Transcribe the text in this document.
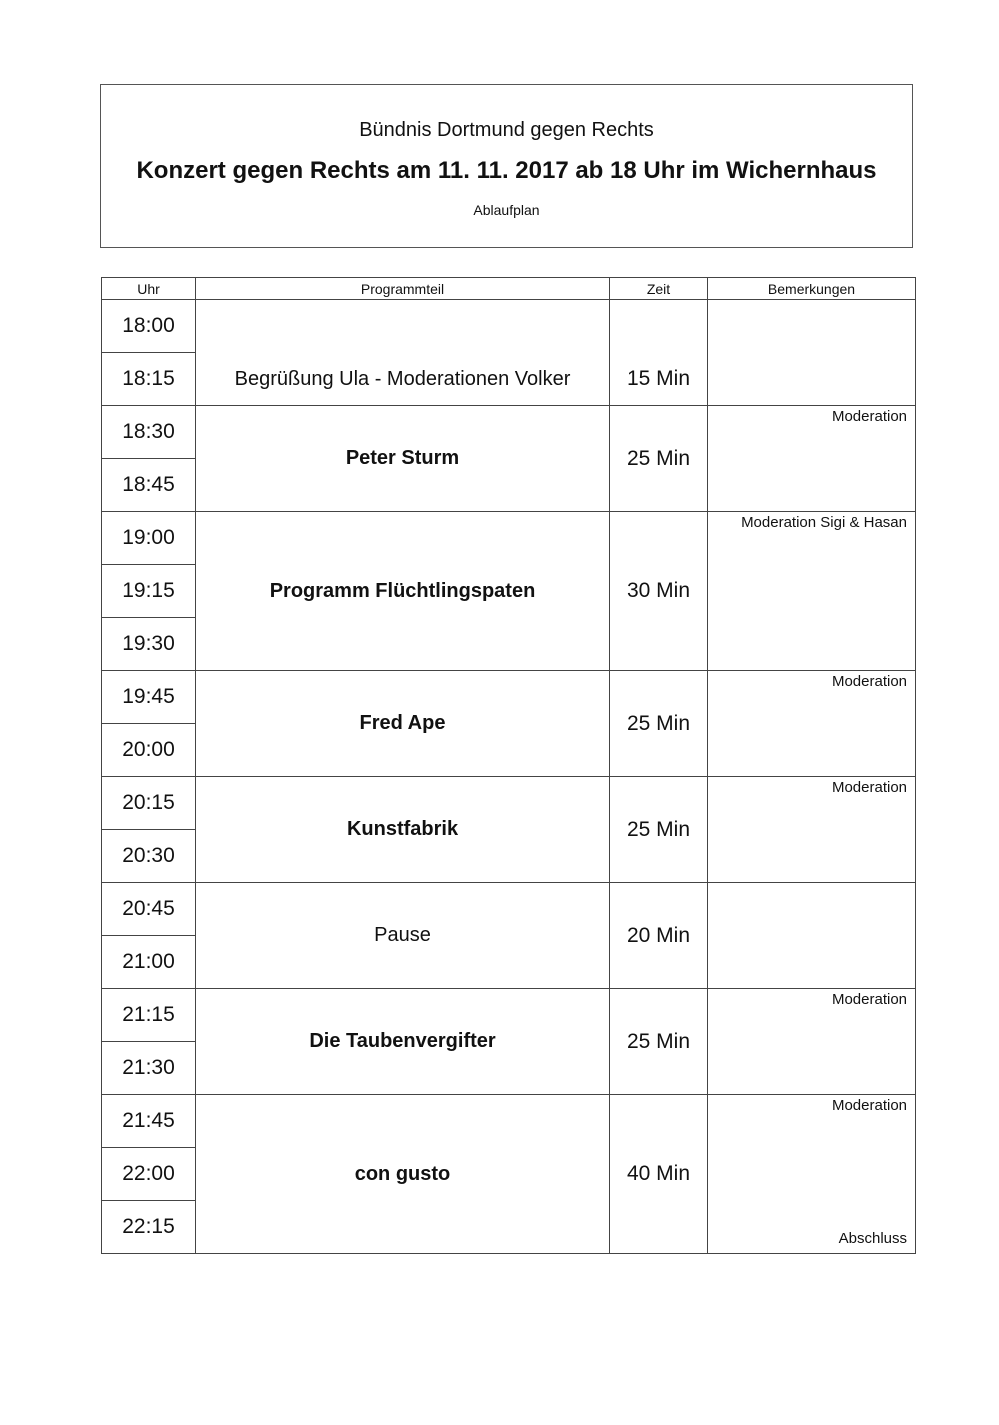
Bündnis Dortmund gegen Rechts
Konzert gegen Rechts am 11. 11. 2017 ab 18 Uhr im Wichernhaus
Ablaufplan
Uhr	Programmteil	Zeit	Bemerkungen
18:00	Begrüßung Ula - Moderationen Volker	15 Min	

18:15			
18:30	Peter Sturm	25 Min	Moderation

18:45			
19:00	Programm Flüchtlingspaten	30 Min	Moderation Sigi & Hasan

19:15			
19:30			
19:45	Fred Ape	25 Min	Moderation

20:00			
20:15	Kunstfabrik	25 Min	Moderation

20:30			
20:45	Pause	20 Min	

21:00			
21:15	Die Taubenvergifter	25 Min	Moderation

21:30			
21:45	con gusto	40 Min	Moderation
Abschluss

22:00			
22:15			
